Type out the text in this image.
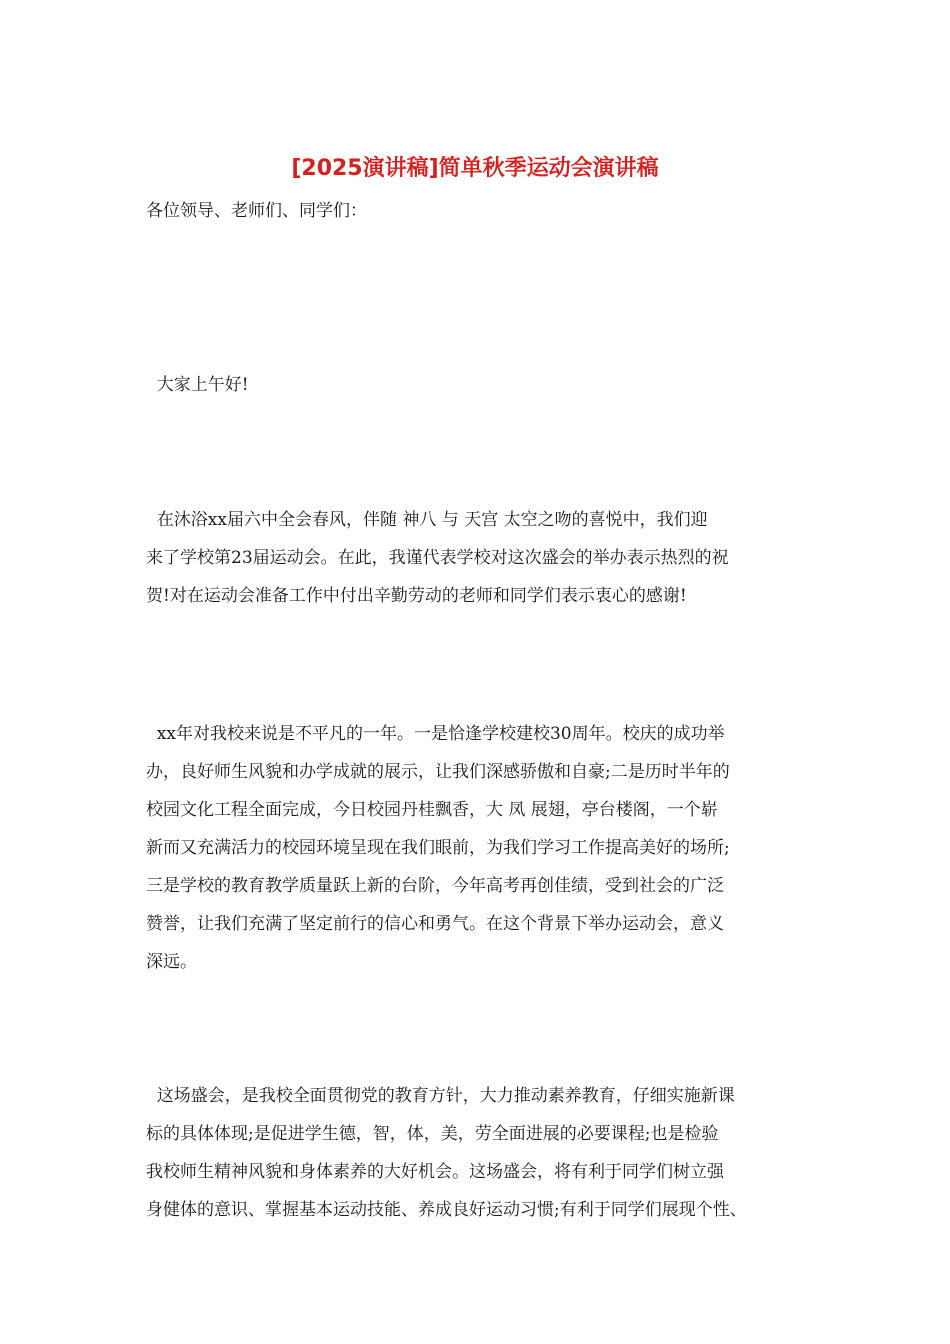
[2025演讲稿]简单秋季运动会演讲稿

各位领导、老师们、同学们：

大家上午好!

在沐浴xx届六中全会春风，伴随 神八 与 天宫 太空之吻的喜悦中，我们迎

来了学校第23届运动会。在此，我谨代表学校对这次盛会的举办表示热烈的祝

贺!对在运动会准备工作中付出辛勤劳动的老师和同学们表示衷心的感谢!

xx年对我校来说是不平凡的一年。一是恰逢学校建校30周年。校庆的成功举

办，良好师生风貌和办学成就的展示，让我们深感骄傲和自豪;二是历时半年的

校园文化工程全面完成，今日校园丹桂飘香，大 凤 展翅，亭台楼阁，一个崭

新而又充满活力的校园环境呈现在我们眼前，为我们学习工作提高美好的场所;

三是学校的教育教学质量跃上新的台阶，今年高考再创佳绩，受到社会的广泛

赞誉，让我们充满了坚定前行的信心和勇气。在这个背景下举办运动会，意义

深远。

这场盛会，是我校全面贯彻党的教育方针，大力推动素养教育，仔细实施新课

标的具体体现;是促进学生德，智，体，美，劳全面进展的必要课程;也是检验

我校师生精神风貌和身体素养的大好机会。这场盛会，将有利于同学们树立强

身健体的意识、掌握基本运动技能、养成良好运动习惯;有利于同学们展现个性、
